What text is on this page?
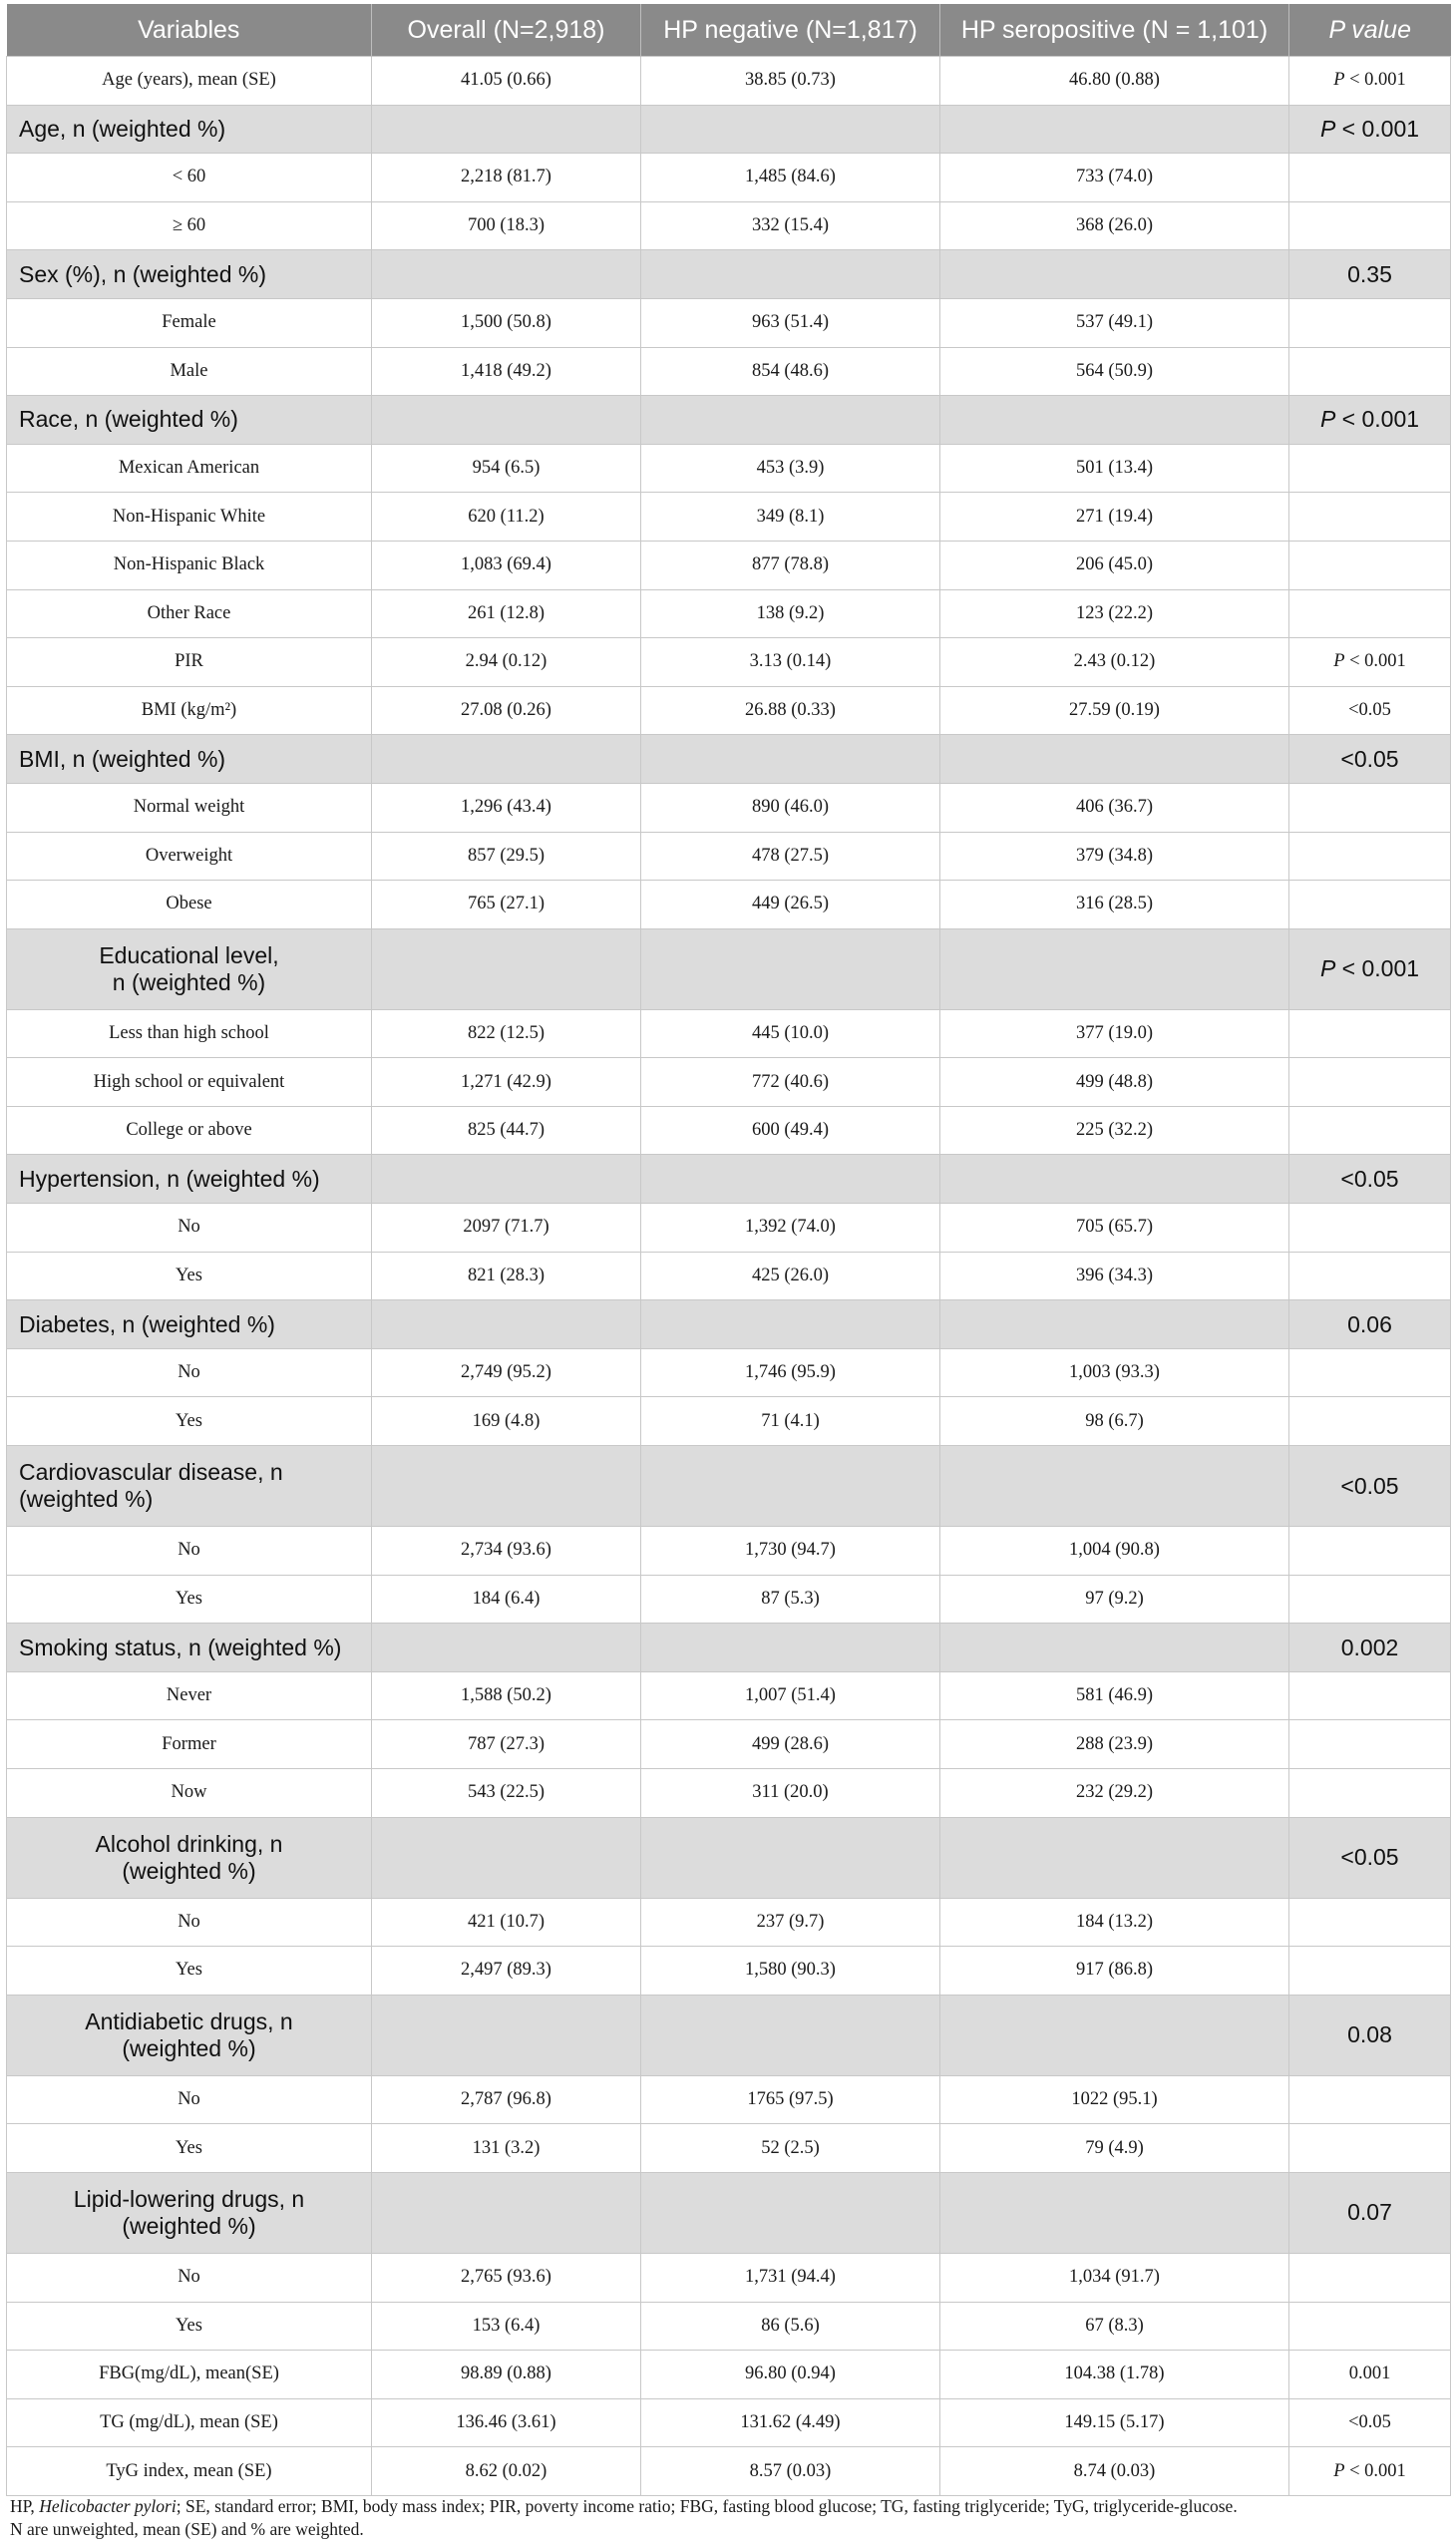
Variables	Overall (N=2,918)	HP negative (N=1,817)	HP seropositive (N = 1,101)	P value
Age (years), mean (SE)	41.05 (0.66)	38.85 (0.73)	46.80 (0.88)	P < 0.001
Age, n (weighted %)				P < 0.001
< 60	2,218 (81.7)	1,485 (84.6)	733 (74.0)	
≥ 60	700 (18.3)	332 (15.4)	368 (26.0)	
Sex (%), n (weighted %)				0.35
Female	1,500 (50.8)	963 (51.4)	537 (49.1)	
Male	1,418 (49.2)	854 (48.6)	564 (50.9)	
Race, n (weighted %)				P < 0.001
Mexican American	954 (6.5)	453 (3.9)	501 (13.4)	
Non-Hispanic White	620 (11.2)	349 (8.1)	271 (19.4)	
Non-Hispanic Black	1,083 (69.4)	877 (78.8)	206 (45.0)	
Other Race	261 (12.8)	138 (9.2)	123 (22.2)	
PIR	2.94 (0.12)	3.13 (0.14)	2.43 (0.12)	P < 0.001
BMI (kg/m²)	27.08 (0.26)	26.88 (0.33)	27.59 (0.19)	<0.05
BMI, n (weighted %)				<0.05
Normal weight	1,296 (43.4)	890 (46.0)	406 (36.7)	
Overweight	857 (29.5)	478 (27.5)	379 (34.8)	
Obese	765 (27.1)	449 (26.5)	316 (28.5)	
Educational level,
n (weighted %)				P < 0.001
Less than high school	822 (12.5)	445 (10.0)	377 (19.0)	
High school or equivalent	1,271 (42.9)	772 (40.6)	499 (48.8)	
College or above	825 (44.7)	600 (49.4)	225 (32.2)	
Hypertension, n (weighted %)				<0.05
No	2097 (71.7)	1,392 (74.0)	705 (65.7)	
Yes	821 (28.3)	425 (26.0)	396 (34.3)	
Diabetes, n (weighted %)				0.06
No	2,749 (95.2)	1,746 (95.9)	1,003 (93.3)	
Yes	169 (4.8)	71 (4.1)	98 (6.7)	
Cardiovascular disease, n
(weighted %)				<0.05
No	2,734 (93.6)	1,730 (94.7)	1,004 (90.8)	
Yes	184 (6.4)	87 (5.3)	97 (9.2)	
Smoking status, n (weighted %)				0.002
Never	1,588 (50.2)	1,007 (51.4)	581 (46.9)	
Former	787 (27.3)	499 (28.6)	288 (23.9)	
Now	543 (22.5)	311 (20.0)	232 (29.2)	
Alcohol drinking, n
(weighted %)				<0.05
No	421 (10.7)	237 (9.7)	184 (13.2)	
Yes	2,497 (89.3)	1,580 (90.3)	917 (86.8)	
Antidiabetic drugs, n
(weighted %)				0.08
No	2,787 (96.8)	1765 (97.5)	1022 (95.1)	
Yes	131 (3.2)	52 (2.5)	79 (4.9)	
Lipid-lowering drugs, n
(weighted %)				0.07
No	2,765 (93.6)	1,731 (94.4)	1,034 (91.7)	
Yes	153 (6.4)	86 (5.6)	67 (8.3)	
FBG(mg/dL), mean(SE)	98.89 (0.88)	96.80 (0.94)	104.38 (1.78)	0.001
TG (mg/dL), mean (SE)	136.46 (3.61)	131.62 (4.49)	149.15 (5.17)	<0.05
TyG index, mean (SE)	8.62 (0.02)	8.57 (0.03)	8.74 (0.03)	P < 0.001

HP, Helicobacter pylori; SE, standard error; BMI, body mass index; PIR, poverty income ratio; FBG, fasting blood glucose; TG, fasting triglyceride; TyG, triglyceride-glucose.

N are unweighted, mean (SE) and % are weighted.
